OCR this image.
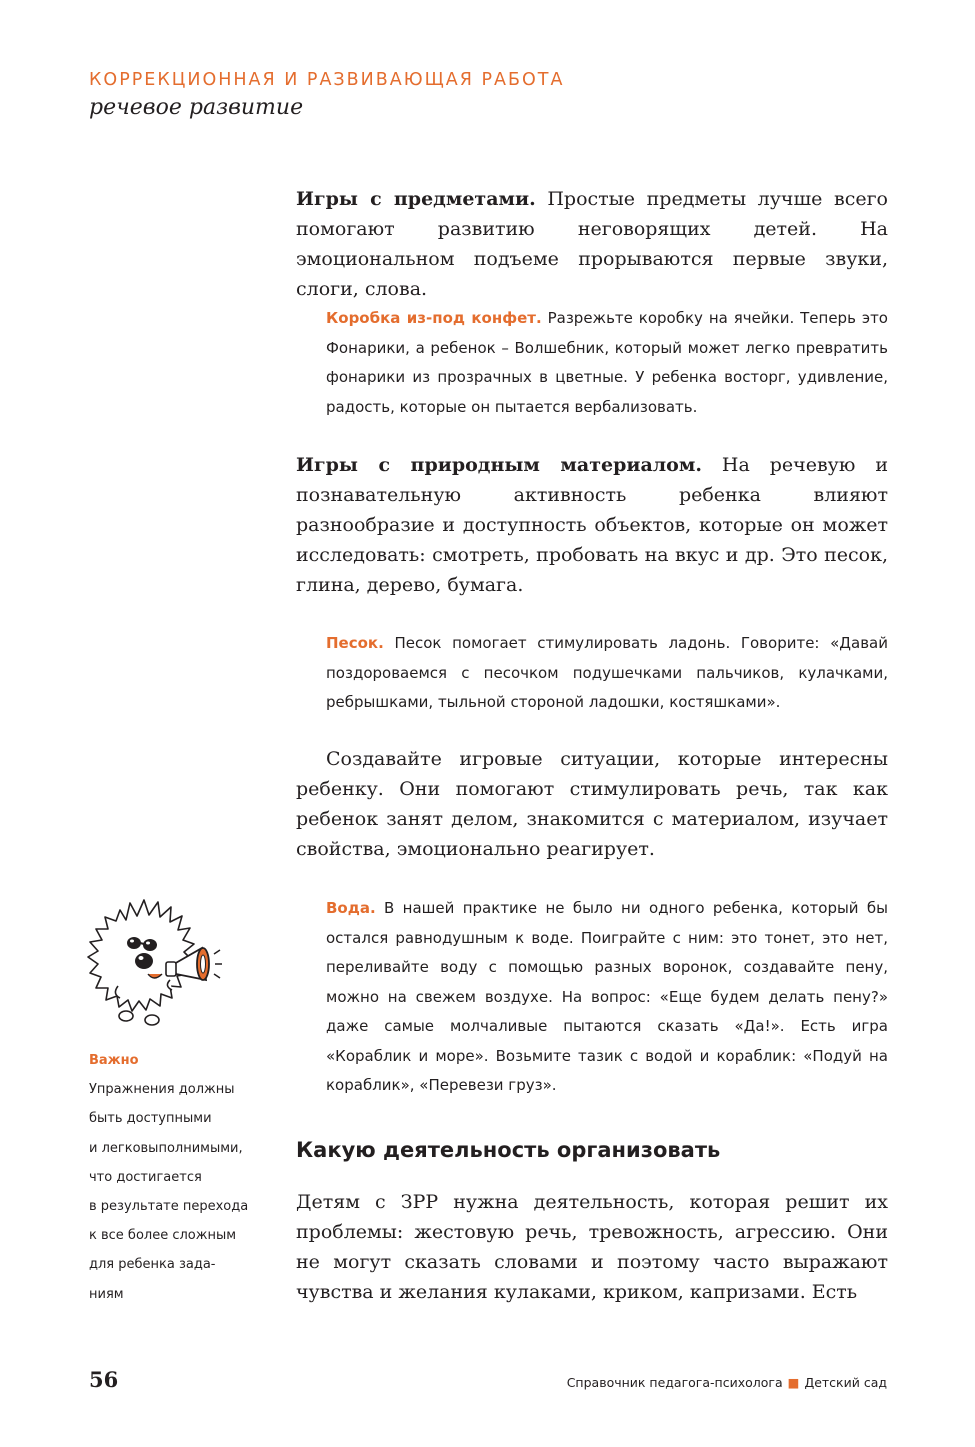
КОРРЕКЦИОННАЯ И РАЗВИВАЮЩАЯ РАБОТА

речевое развитие

Игры с предметами. Простые предметы лучше всего помогают развитию неговорящих детей. На эмоциональном подъеме прорываются первые звуки, слоги, слова.

Коробка из-под конфет. Разрежьте коробку на ячейки. Теперь это Фонарики, а ребенок – Волшебник, который может легко превратить фонарики из прозрачных в цветные. У ребенка восторг, удивление, радость, которые он пытается вербализовать.

Игры с природным материалом. На речевую и познавательную активность ребенка влияют разнообразие и доступность объектов, которые он может исследовать: смотреть, пробовать на вкус и др. Это песок, глина, дерево, бумага.

Песок. Песок помогает стимулировать ладонь. Говорите: «Давай поздороваемся с песочком подушечками пальчиков, кулачками, ребрышками, тыльной стороной ладошки, костяшками».

Создавайте игровые ситуации, которые интересны ребенку. Они помогают стимулировать речь, так как ребенок занят делом, знакомится с материалом, изучает свойства, эмоционально реагирует.

Вода. В нашей практике не было ни одного ребенка, который бы остался равнодушным к воде. Поиграйте с ним: это тонет, это нет, переливайте воду с помощью разных воронок, создавайте пену, можно на свежем воздухе. На вопрос: «Еще будем делать пену?» даже самые молчаливые пытаются сказать «Да!». Есть игра «Кораблик и море». Возьмите тазик с водой и кораблик: «Подуй на кораблик», «Перевези груз».

Какую деятельность организовать

Детям с ЗРР нужна деятельность, которая решит их проблемы: жестовую речь, тревожность, агрессию. Они не могут сказать словами и поэтому часто выражают чувства и желания кулаками, криком, капризами. Есть

Важно
Упражнения должны
быть доступными
и легковыполнимыми,
что достигается
в результате перехода
к все более сложным
для ребенка зада-
ниям

56	Справочник педагога-психолога ■ Детский сад
